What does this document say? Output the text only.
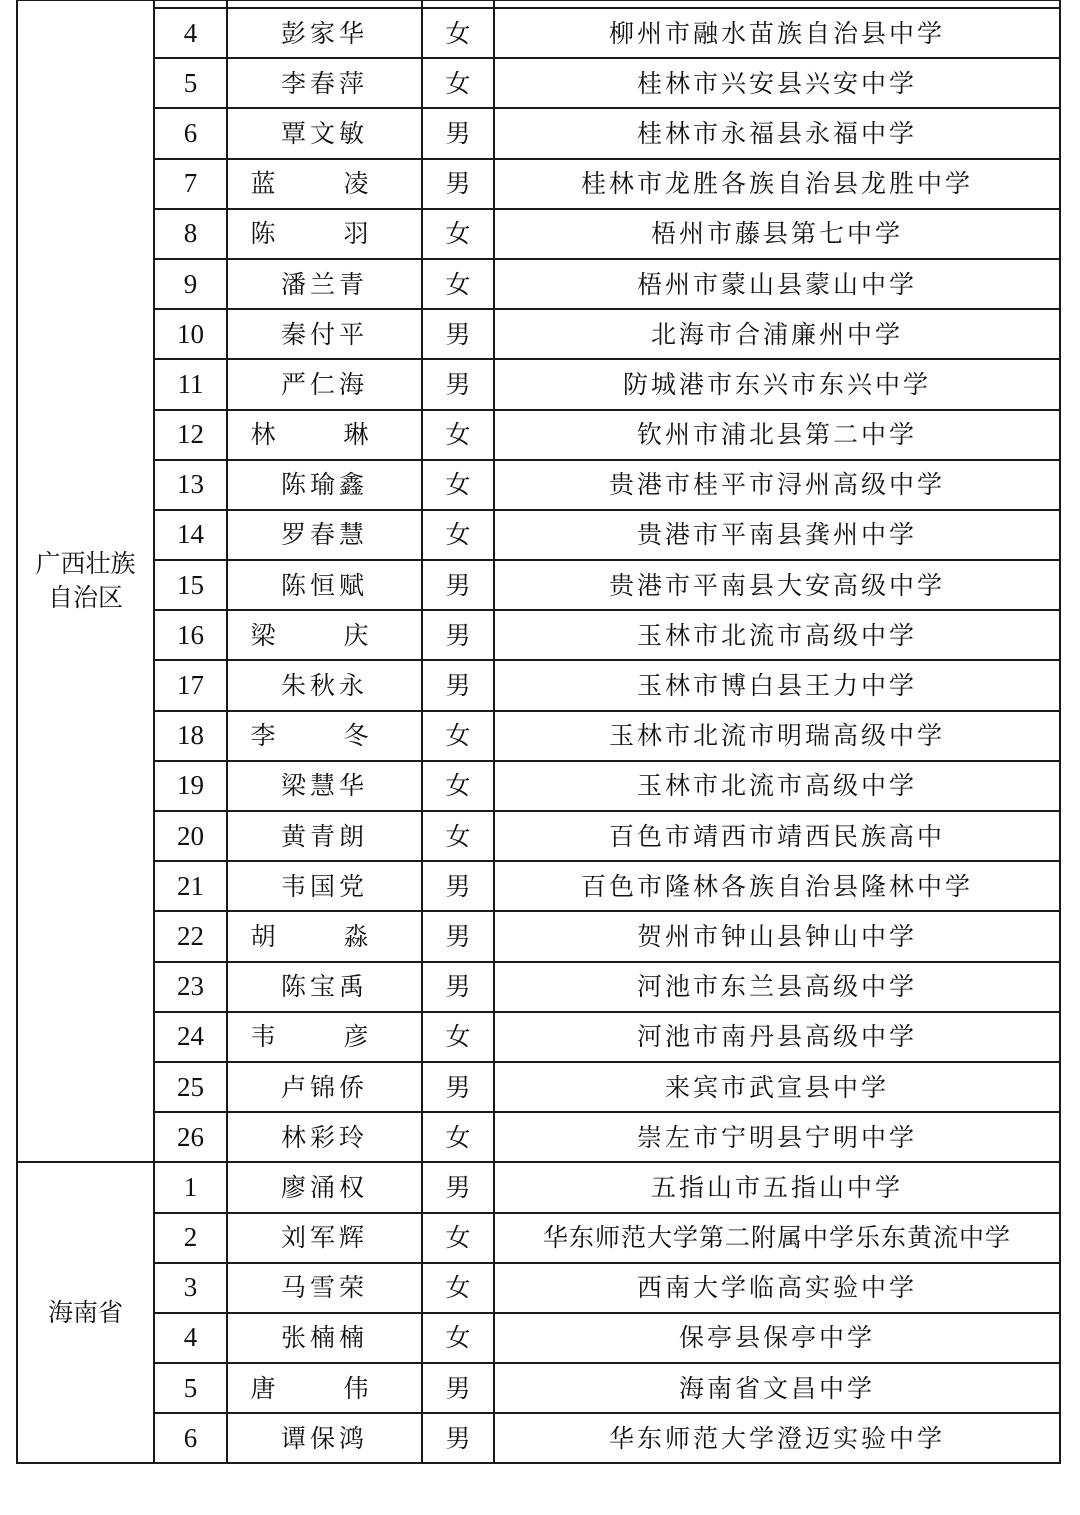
广西壮族自治区				
	4	彭家华	女	柳州市融水苗族自治县中学
	5	李春萍	女	桂林市兴安县兴安中学
	6	覃文敏	男	桂林市永福县永福中学
	7	蓝 凌	男	桂林市龙胜各族自治县龙胜中学
	8	陈 羽	女	梧州市藤县第七中学
	9	潘兰青	女	梧州市蒙山县蒙山中学
	10	秦付平	男	北海市合浦廉州中学
	11	严仁海	男	防城港市东兴市东兴中学
	12	林 琳	女	钦州市浦北县第二中学
	13	陈瑜鑫	女	贵港市桂平市浔州高级中学
	14	罗春慧	女	贵港市平南县龚州中学
	15	陈恒赋	男	贵港市平南县大安高级中学
	16	梁 庆	男	玉林市北流市高级中学
	17	朱秋永	男	玉林市博白县王力中学
	18	李 冬	女	玉林市北流市明瑞高级中学
	19	梁慧华	女	玉林市北流市高级中学
	20	黄青朗	女	百色市靖西市靖西民族高中
	21	韦国党	男	百色市隆林各族自治县隆林中学
	22	胡 淼	男	贺州市钟山县钟山中学
	23	陈宝禹	男	河池市东兰县高级中学
	24	韦 彦	女	河池市南丹县高级中学
	25	卢锦侨	男	来宾市武宣县中学
	26	林彩玲	女	崇左市宁明县宁明中学
海南省	1	廖涌权	男	五指山市五指山中学
	2	刘军辉	女	华东师范大学第二附属中学乐东黄流中学
	3	马雪荣	女	西南大学临高实验中学
	4	张楠楠	女	保亭县保亭中学
	5	唐 伟	男	海南省文昌中学
	6	谭保鸿	男	华东师范大学澄迈实验中学
